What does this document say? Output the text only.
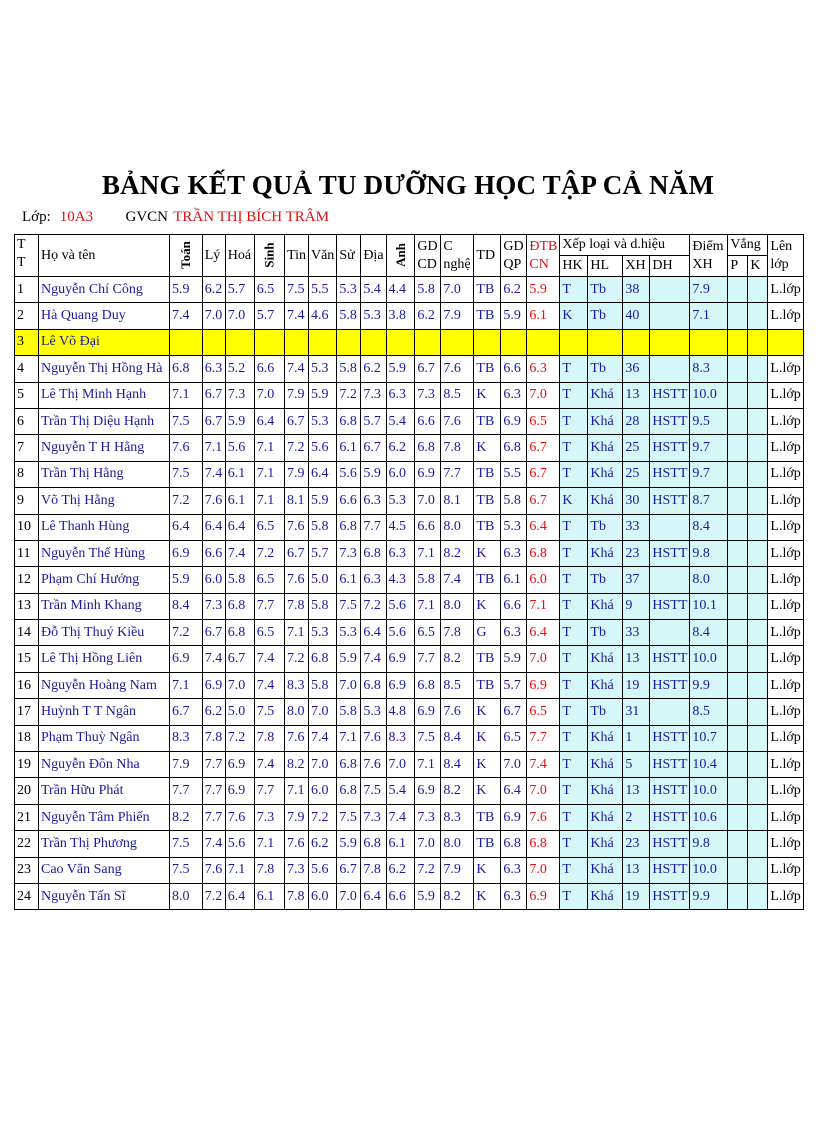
BẢNG KẾT QUẢ TU DƯỠNG HỌC TẬP CẢ NĂM
Lớp: 10A3 GVCN TRẦN THỊ BÍCH TRÂM
T T	Họ và tên	Toán	Lý	Hoá	Sinh	Tin	Văn	Sử	Địa	Anh	GD CD	C nghệ	TD	GD QP	ĐTB CN	Xếp loại và d.hiệu				Điểm XH	Vắng		Lên lớp
																HK	HL	XH	DH		P	K	
1	Nguyễn Chí Công	5.9	6.2	5.7	6.5	7.5	5.5	5.3	5.4	4.4	5.8	7.0	TB	6.2	5.9	T	Tb	38		7.9			L.lớp
2	Hà Quang Duy	7.4	7.0	7.0	5.7	7.4	4.6	5.8	5.3	3.8	6.2	7.9	TB	5.9	6.1	K	Tb	40		7.1			L.lớp
3	Lê Võ Đại																						
4	Nguyễn Thị Hồng Hà	6.8	6.3	5.2	6.6	7.4	5.3	5.8	6.2	5.9	6.7	7.6	TB	6.6	6.3	T	Tb	36		8.3			L.lớp
5	Lê Thị Minh Hạnh	7.1	6.7	7.3	7.0	7.9	5.9	7.2	7.3	6.3	7.3	8.5	K	6.3	7.0	T	Khá	13	HSTT	10.0			L.lớp
6	Trần Thị Diệu Hạnh	7.5	6.7	5.9	6.4	6.7	5.3	6.8	5.7	5.4	6.6	7.6	TB	6.9	6.5	T	Khá	28	HSTT	9.5			L.lớp
7	Nguyễn T H Hằng	7.6	7.1	5.6	7.1	7.2	5.6	6.1	6.7	6.2	6.8	7.8	K	6.8	6.7	T	Khá	25	HSTT	9.7			L.lớp
8	Trần Thị Hằng	7.5	7.4	6.1	7.1	7.9	6.4	5.6	5.9	6.0	6.9	7.7	TB	5.5	6.7	T	Khá	25	HSTT	9.7			L.lớp
9	Võ Thị Hằng	7.2	7.6	6.1	7.1	8.1	5.9	6.6	6.3	5.3	7.0	8.1	TB	5.8	6.7	K	Khá	30	HSTT	8.7			L.lớp
10	Lê Thanh Hùng	6.4	6.4	6.4	6.5	7.6	5.8	6.8	7.7	4.5	6.6	8.0	TB	5.3	6.4	T	Tb	33		8.4			L.lớp
11	Nguyễn Thế Hùng	6.9	6.6	7.4	7.2	6.7	5.7	7.3	6.8	6.3	7.1	8.2	K	6.3	6.8	T	Khá	23	HSTT	9.8			L.lớp
12	Phạm Chí Hướng	5.9	6.0	5.8	6.5	7.6	5.0	6.1	6.3	4.3	5.8	7.4	TB	6.1	6.0	T	Tb	37		8.0			L.lớp
13	Trần Minh Khang	8.4	7.3	6.8	7.7	7.8	5.8	7.5	7.2	5.6	7.1	8.0	K	6.6	7.1	T	Khá	9	HSTT	10.1			L.lớp
14	Đỗ Thị Thuý Kiều	7.2	6.7	6.8	6.5	7.1	5.3	5.3	6.4	5.6	6.5	7.8	G	6.3	6.4	T	Tb	33		8.4			L.lớp
15	Lê Thị Hồng Liên	6.9	7.4	6.7	7.4	7.2	6.8	5.9	7.4	6.9	7.7	8.2	TB	5.9	7.0	T	Khá	13	HSTT	10.0			L.lớp
16	Nguyễn Hoàng Nam	7.1	6.9	7.0	7.4	8.3	5.8	7.0	6.8	6.9	6.8	8.5	TB	5.7	6.9	T	Khá	19	HSTT	9.9			L.lớp
17	Huỳnh T T Ngân	6.7	6.2	5.0	7.5	8.0	7.0	5.8	5.3	4.8	6.9	7.6	K	6.7	6.5	T	Tb	31		8.5			L.lớp
18	Phạm Thuỳ Ngân	8.3	7.8	7.2	7.8	7.6	7.4	7.1	7.6	8.3	7.5	8.4	K	6.5	7.7	T	Khá	1	HSTT	10.7			L.lớp
19	Nguyễn Đôn Nha	7.9	7.7	6.9	7.4	8.2	7.0	6.8	7.6	7.0	7.1	8.4	K	7.0	7.4	T	Khá	5	HSTT	10.4			L.lớp
20	Trần Hữu Phát	7.7	7.7	6.9	7.7	7.1	6.0	6.8	7.5	5.4	6.9	8.2	K	6.4	7.0	T	Khá	13	HSTT	10.0			L.lớp
21	Nguyễn Tâm Phiến	8.2	7.7	7.6	7.3	7.9	7.2	7.5	7.3	7.4	7.3	8.3	TB	6.9	7.6	T	Khá	2	HSTT	10.6			L.lớp
22	Trần Thị Phương	7.5	7.4	5.6	7.1	7.6	6.2	5.9	6.8	6.1	7.0	8.0	TB	6.8	6.8	T	Khá	23	HSTT	9.8			L.lớp
23	Cao Văn Sang	7.5	7.6	7.1	7.8	7.3	5.6	6.7	7.8	6.2	7.2	7.9	K	6.3	7.0	T	Khá	13	HSTT	10.0			L.lớp
24	Nguyễn Tấn Sĩ	8.0	7.2	6.4	6.1	7.8	6.0	7.0	6.4	6.6	5.9	8.2	K	6.3	6.9	T	Khá	19	HSTT	9.9			L.lớp
